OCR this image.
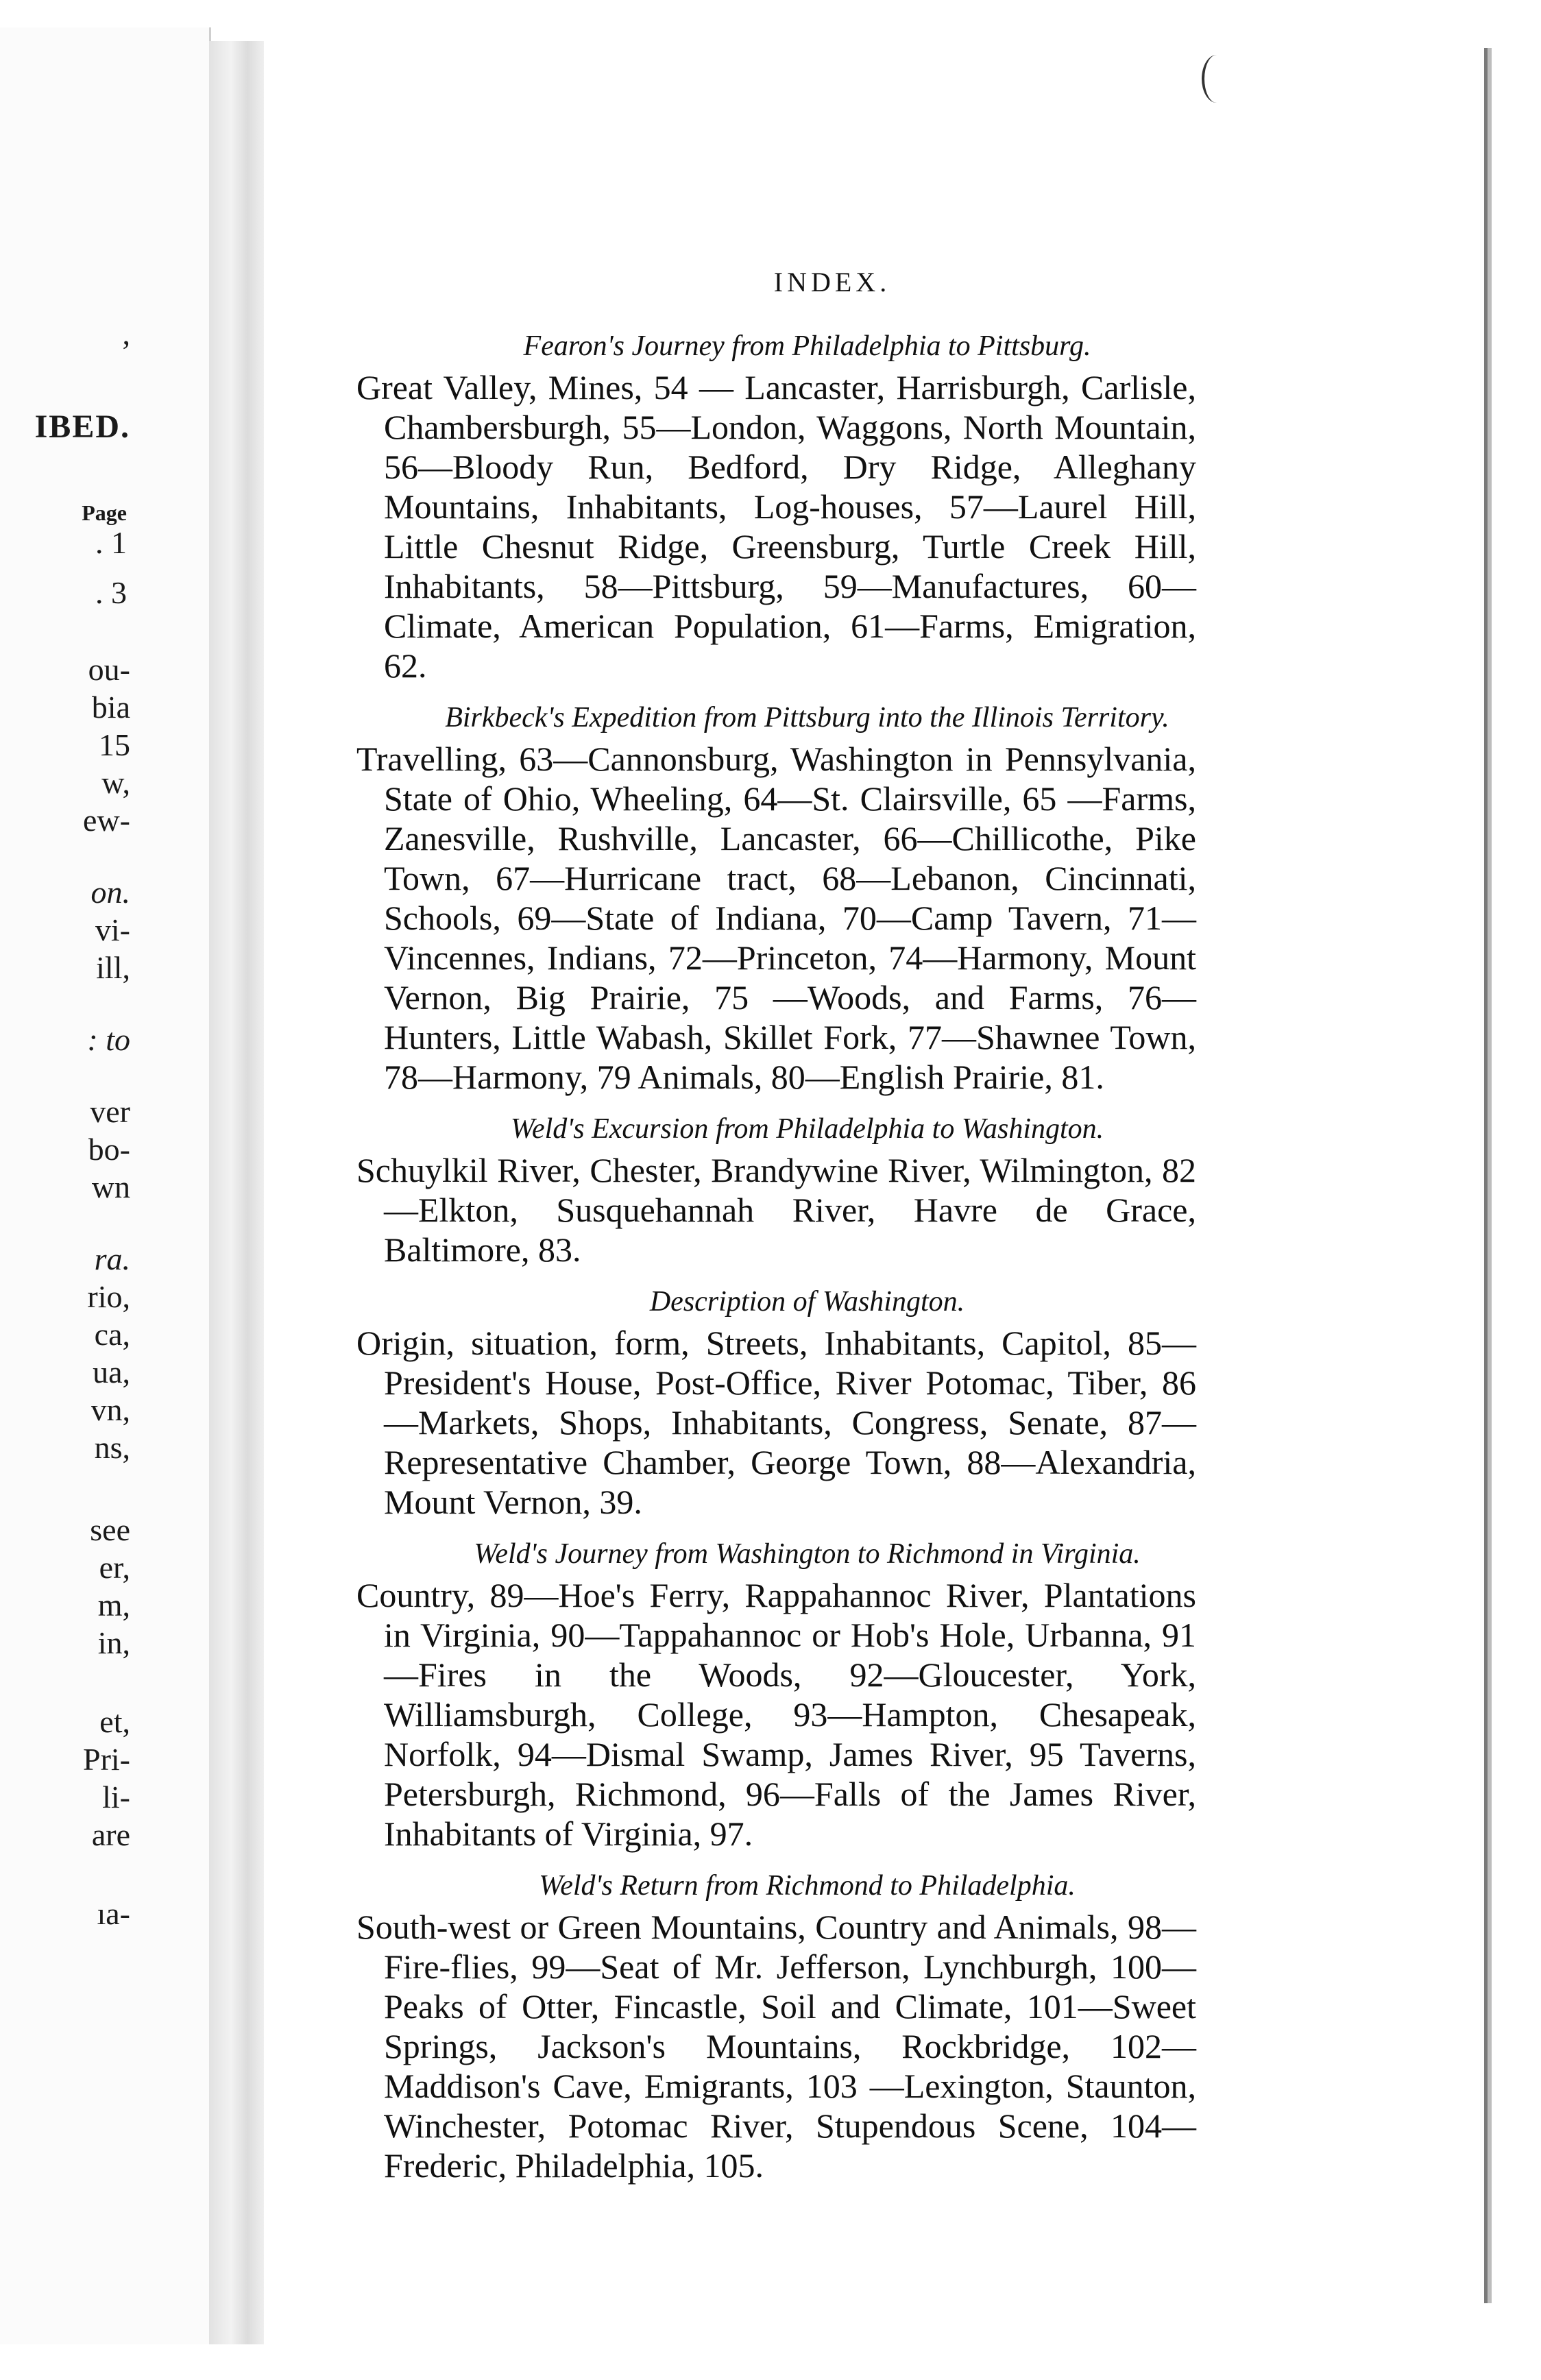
,
IBED.
Page
. 1
. 3
ou-
bia
15
w,
ew-
on.
vi-
ill,
: to
ver
bo-
wn
ra.
rio,
ca,
ua,
vn,
ns,
see
er,
m,
in,
et,
Pri-
li-
are
ıa-
INDEX.
Fearon's Journey from Philadelphia to Pittsburg.
Great Valley, Mines, 54 — Lancaster, Harrisburgh, Carlisle, Chambersburgh, 55—London, Waggons, North Mountain, 56—Bloody Run, Bedford, Dry Ridge, Alleghany Mountains, Inhabitants, Log-houses, 57—Laurel Hill, Little Chesnut Ridge, Greensburg, Turtle Creek Hill, Inhabitants, 58—Pittsburg, 59—Manufactures, 60—Climate, American Population, 61—Farms, Emigration, 62.
Birkbeck's Expedition from Pittsburg into the Illinois Territory.
Travelling, 63—Cannonsburg, Washington in Pennsylvania, State of Ohio, Wheeling, 64—St. Clairsville, 65 —Farms, Zanesville, Rushville, Lancaster, 66—Chillicothe, Pike Town, 67—Hurricane tract, 68—Lebanon, Cincinnati, Schools, 69—State of Indiana, 70—Camp Tavern, 71—Vincennes, Indians, 72—Princeton, 74—Harmony, Mount Vernon, Big Prairie, 75 —Woods, and Farms, 76—Hunters, Little Wabash, Skillet Fork, 77—Shawnee Town, 78—Harmony, 79 Animals, 80—English Prairie, 81.
Weld's Excursion from Philadelphia to Washington.
Schuylkil River, Chester, Brandywine River, Wilmington, 82—Elkton, Susquehannah River, Havre de Grace, Baltimore, 83.
Description of Washington.
Origin, situation, form, Streets, Inhabitants, Capitol, 85—President's House, Post-Office, River Potomac, Tiber, 86—Markets, Shops, Inhabitants, Congress, Senate, 87—Representative Chamber, George Town, 88—Alexandria, Mount Vernon, 39.
Weld's Journey from Washington to Richmond in Virginia.
Country, 89—Hoe's Ferry, Rappahannoc River, Plantations in Virginia, 90—Tappahannoc or Hob's Hole, Urbanna, 91—Fires in the Woods, 92—Gloucester, York, Williamsburgh, College, 93—Hampton, Chesapeak, Norfolk, 94—Dismal Swamp, James River, 95 Taverns, Petersburgh, Richmond, 96—Falls of the James River, Inhabitants of Virginia, 97.
Weld's Return from Richmond to Philadelphia.
South-west or Green Mountains, Country and Animals, 98—Fire-flies, 99—Seat of Mr. Jefferson, Lynchburgh, 100—Peaks of Otter, Fincastle, Soil and Climate, 101—Sweet Springs, Jackson's Mountains, Rockbridge, 102—Maddison's Cave, Emigrants, 103 —Lexington, Staunton, Winchester, Potomac River, Stupendous Scene, 104—Frederic, Philadelphia, 105.
